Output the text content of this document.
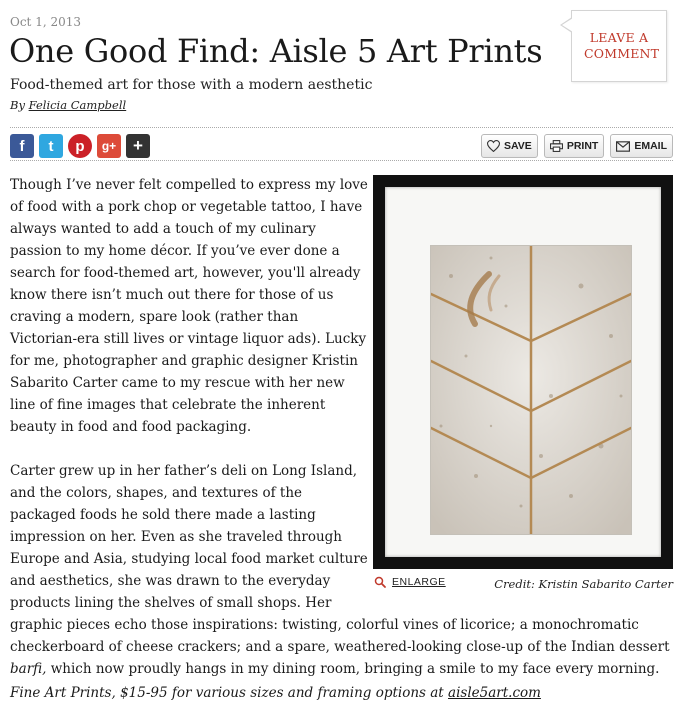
Oct 1, 2013
One Good Find: Aisle 5 Art Prints
Food-themed art for those with a modern aesthetic
By Felicia Campbell
LEAVE A COMMENT
f	t	p	g+ +	SAVE	PRINT	EMAIL

Though I’ve never felt compelled to express my love of food with a pork chop or vegetable tattoo, I have always wanted to add a touch of my culinary passion to my home décor. If you’ve ever done a search for food-themed art, however, you'll already know there isn’t much out there for those of us craving a modern, spare look (rather than Victorian-era still lives or vintage liquor ads). Lucky for me, photographer and graphic designer Kristin Sabarito Carter came to my rescue with her new line of fine images that celebrate the inherent beauty in food and food packaging.

Carter grew up in her father’s deli on Long Island, and the colors, shapes, and textures of the packaged foods he sold there made a lasting impression on her. Even as she traveled through Europe and Asia, studying local food market culture and aesthetics, she was drawn to the everyday products lining the shelves of small shops. Her graphic pieces echo those inspirations: twisting, colorful vines of licorice; a monochromatic checkerboard of cheese crackers; and a spare, weathered-looking close-up of the Indian dessert barfi, which now proudly hangs in my dining room, bringing a smile to my face every morning.

ENLARGE	Credit: Kristin Sabarito Carter
Fine Art Prints, $15-95 for various sizes and framing options at aisle5art.com
